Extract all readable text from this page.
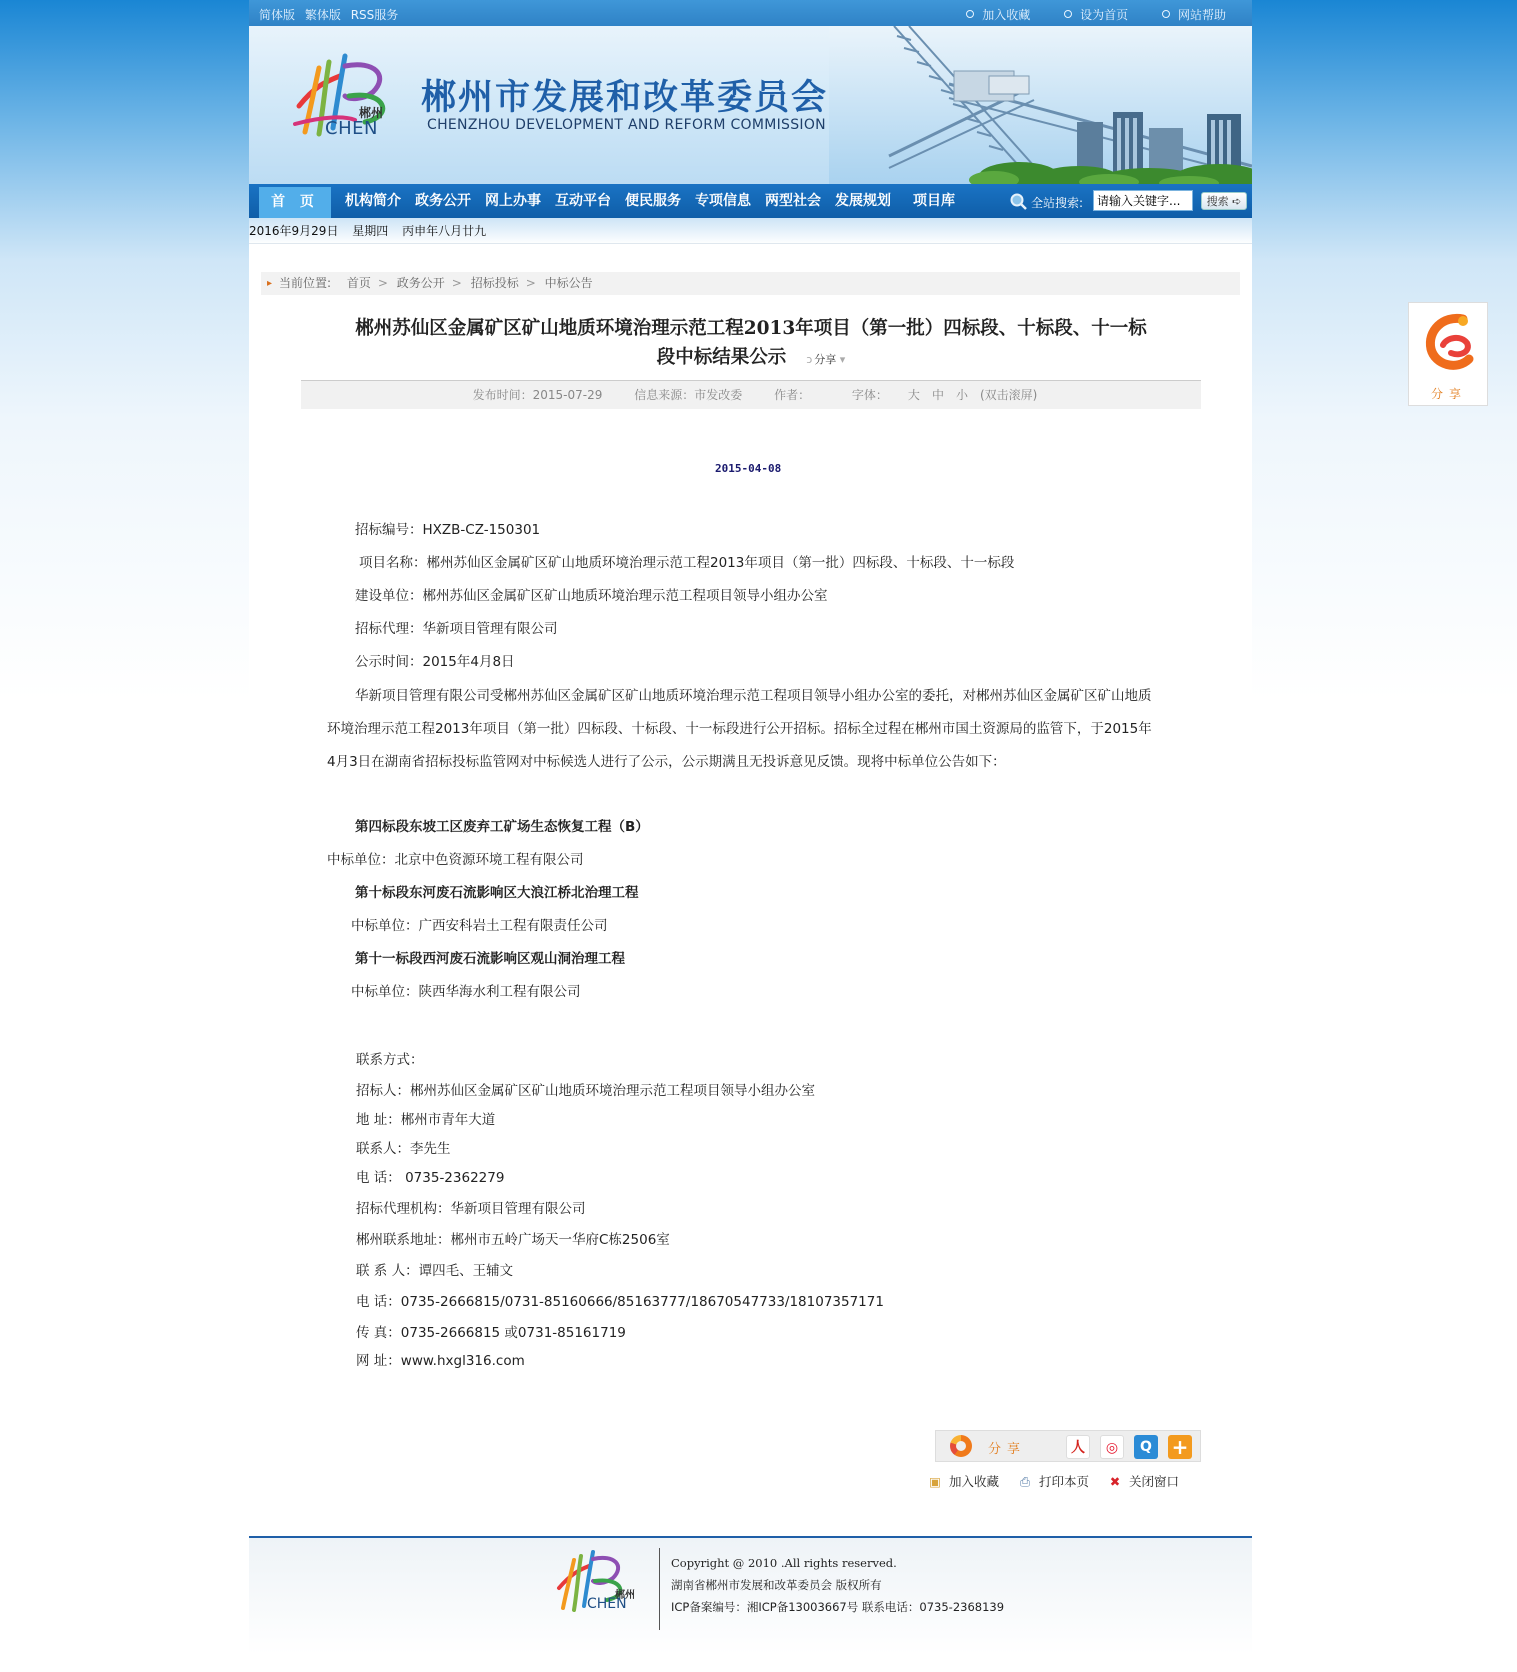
简体版 繁体版 RSS服务	加入收藏	设为首页	网站帮助
郴州
CHEN
郴州市发展和改革委员会
CHENZHOU DEVELOPMENT AND REFORM COMMISSION
首 页	机构简介	政务公开	网上办事	互动平台	便民服务	专项信息	两型社会	发展规划	项目库	全站搜索:
请输入关键字...	搜索 ➪
2016年9月29日 星期四 丙申年八月廿九
▸ 当前位置: 首页 > 政务公开 > 招标投标 > 中标公告
郴州苏仙区金属矿区矿山地质环境治理示范工程2013年项目（第一批）四标段、十标段、十一标
段中标结果公示ↄ	分享 ▾
发布时间：2015-07-29	信息来源：市发改委	作者：	字体： 大 中 小 (双击滚屏)
2015-04-08
招标编号：HXZB-CZ-150301
项目名称：郴州苏仙区金属矿区矿山地质环境治理示范工程2013年项目（第一批）四标段、十标段、十一标段
建设单位：郴州苏仙区金属矿区矿山地质环境治理示范工程项目领导小组办公室
招标代理：华新项目管理有限公司
公示时间：2015年4月8日
华新项目管理有限公司受郴州苏仙区金属矿区矿山地质环境治理示范工程项目领导小组办公室的委托，对郴州苏仙区金属矿区矿山地质环境治理示范工程2013年项目（第一批）四标段、十标段、十一标段进行公开招标。招标全过程在郴州市国土资源局的监管下，于2015年4月3日在湖南省招标投标监管网对中标候选人进行了公示，公示期满且无投诉意见反馈。现将中标单位公告如下：
第四标段东坡工区废弃工矿场生态恢复工程（B）
中标单位：北京中色资源环境工程有限公司
第十标段东河废石流影响区大浪江桥北治理工程
中标单位：广西安科岩土工程有限责任公司
第十一标段西河废石流影响区观山洞治理工程
中标单位：陕西华海水利工程有限公司
联系方式：
招标人：郴州苏仙区金属矿区矿山地质环境治理示范工程项目领导小组办公室
地 址：郴州市青年大道
联系人：李先生
电 话： 0735-2362279
招标代理机构：华新项目管理有限公司
郴州联系地址：郴州市五岭广场天一华府C栋2506室
联 系 人：谭四毛、王辅文
电 话：0735-2666815/0731-85160666/85163777/18670547733/18107357171
传 真：0735-2666815 或0731-85161719
网 址：www.hxgl316.com
分享	人	◎	Q +
▣ 加入收藏 ⎙ 打印本页 ✖ 关闭窗口
郴州
CHEN
Copyright @ 2010 .All rights reserved.
湖南省郴州市发展和改革委员会 版权所有
ICP备案编号：湘ICP备13003667号 联系电话：0735-2368139
分享
